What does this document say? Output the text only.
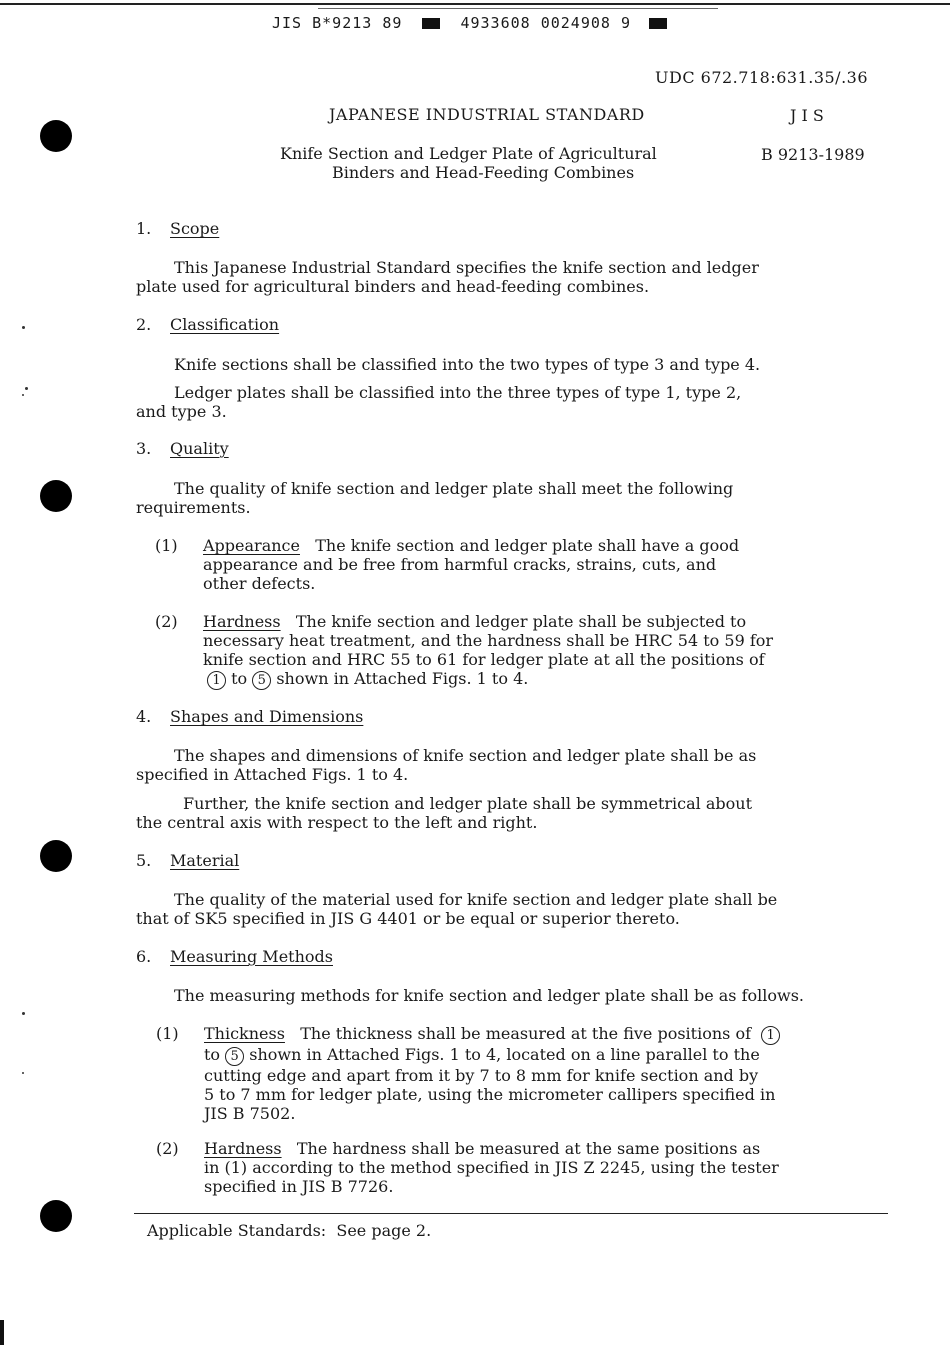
JIS B*9213 89	4933608 0024908 9
UDC 672.718:631.35/.36
JAPANESE INDUSTRIAL STANDARD	J I S
Knife Section and Ledger Plate of Agricultural
Binders and Head-Feeding Combines
B 9213-1989
1. Scope

This Japanese Industrial Standard specifies the knife section and ledger

plate used for agricultural binders and head-feeding combines.

2. Classification

Knife sections shall be classified into the two types of type 3 and type 4.

Ledger plates shall be classified into the three types of type 1, type 2,

and type 3.

3. Quality

The quality of knife section and ledger plate shall meet the following

requirements.

(1) Appearance The knife section and ledger plate shall have a good

appearance and be free from harmful cracks, strains, cuts, and

other defects.

(2) Hardness The knife section and ledger plate shall be subjected to

necessary heat treatment, and the hardness shall be HRC 54 to 59 for

knife section and HRC 55 to 61 for ledger plate at all the positions of

1 to 5 shown in Attached Figs. 1 to 4.

4. Shapes and Dimensions

The shapes and dimensions of knife section and ledger plate shall be as

specified in Attached Figs. 1 to 4.

Further, the knife section and ledger plate shall be symmetrical about

the central axis with respect to the left and right.

5. Material

The quality of the material used for knife section and ledger plate shall be

that of SK5 specified in JIS G 4401 or be equal or superior thereto.

6. Measuring Methods

The measuring methods for knife section and ledger plate shall be as follows.

(1) Thickness The thickness shall be measured at the five positions of 1

to 5 shown in Attached Figs. 1 to 4, located on a line parallel to the

cutting edge and apart from it by 7 to 8 mm for knife section and by

5 to 7 mm for ledger plate, using the micrometer callipers specified in

JIS B 7502.

(2) Hardness The hardness shall be measured at the same positions as

in (1) according to the method specified in JIS Z 2245, using the tester

specified in JIS B 7726.

Applicable Standards:  See page 2.
